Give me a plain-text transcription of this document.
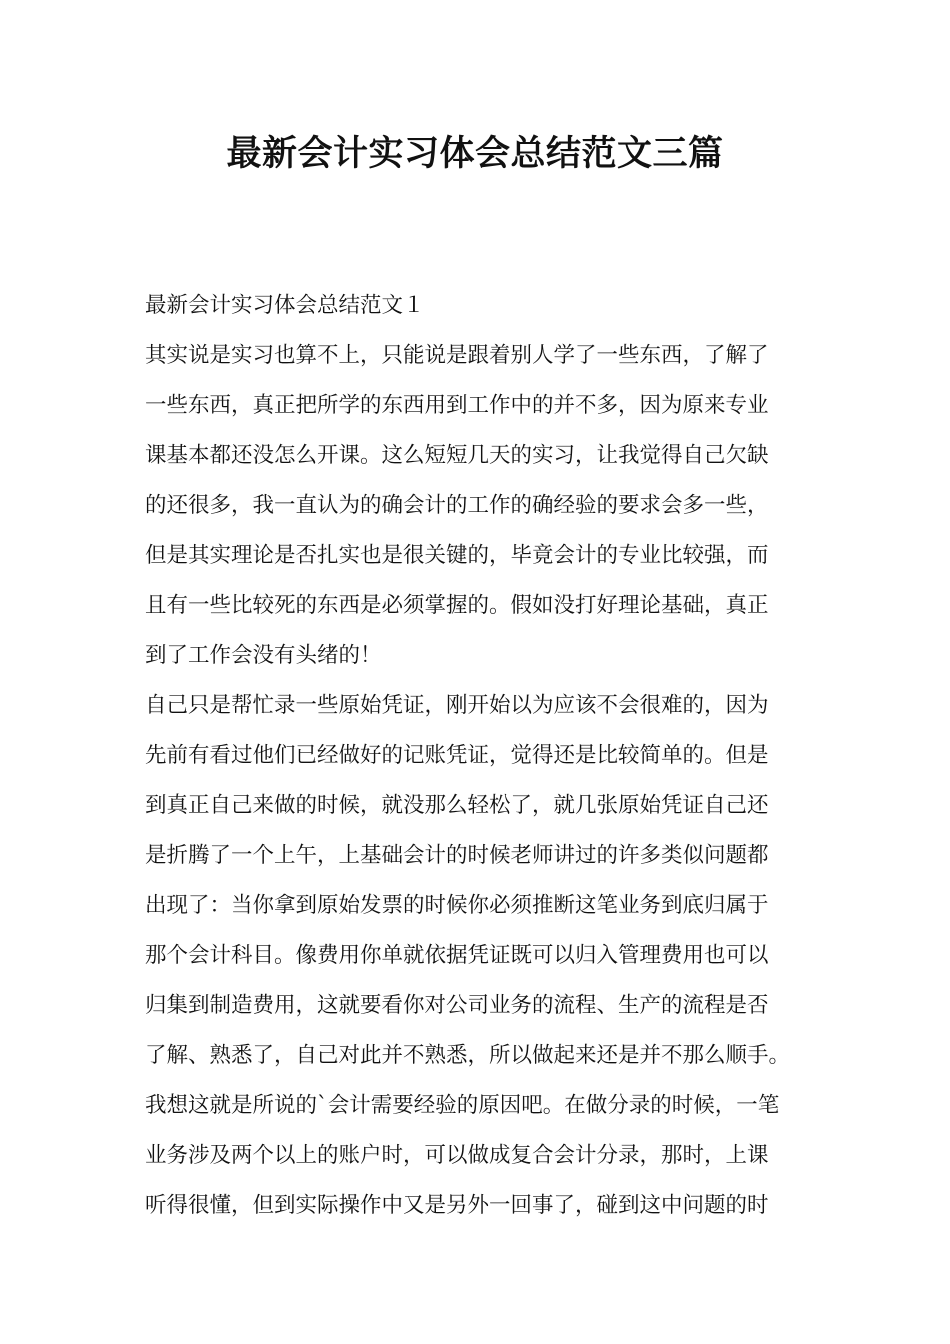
最新会计实习体会总结范文三篇

最新会计实习体会总结范文１

其实说是实习也算不上，只能说是跟着别人学了一些东西，了解了

一些东西，真正把所学的东西用到工作中的并不多，因为原来专业

课基本都还没怎么开课。这么短短几天的实习，让我觉得自己欠缺

的还很多，我一直认为的确会计的工作的确经验的要求会多一些，

但是其实理论是否扎实也是很关键的，毕竟会计的专业比较强，而

且有一些比较死的东西是必须掌握的。假如没打好理论基础，真正

到了工作会没有头绪的！

自己只是帮忙录一些原始凭证，刚开始以为应该不会很难的，因为

先前有看过他们已经做好的记账凭证，觉得还是比较简单的。但是

到真正自己来做的时候，就没那么轻松了，就几张原始凭证自己还

是折腾了一个上午，上基础会计的时候老师讲过的许多类似问题都

出现了：当你拿到原始发票的时候你必须推断这笔业务到底归属于

那个会计科目。像费用你单就依据凭证既可以归入管理费用也可以

归集到制造费用，这就要看你对公司业务的流程、生产的流程是否

了解、熟悉了，自己对此并不熟悉，所以做起来还是并不那么顺手。

我想这就是所说的`会计需要经验的原因吧。在做分录的时候，一笔

业务涉及两个以上的账户时，可以做成复合会计分录，那时，上课

听得很懂，但到实际操作中又是另外一回事了，碰到这中问题的时
